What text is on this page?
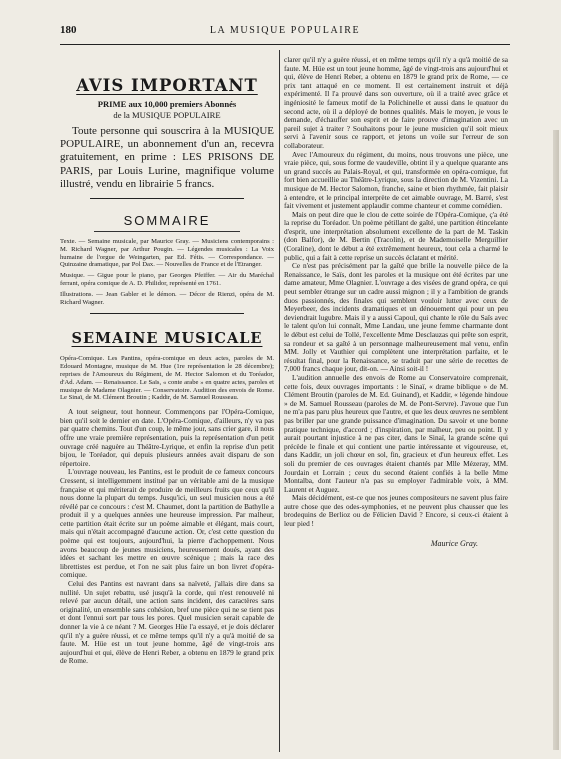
180	LA MUSIQUE POPULAIRE
AVIS IMPORTANT
PRIME aux 10,000 premiers Abonnés
de la MUSIQUE POPULAIRE
Toute personne qui souscrira à la MUSIQUE POPULAIRE, un abonnement d'un an, recevra gratuitement, en prime : LES PRISONS DE PARIS, par Louis Lurine, magnifique volume illustré, vendu en librairie 5 francs.
SOMMAIRE
Texte. — Semaine musicale, par Maurice Gray. — Musiciens contemporains : M. Richard Wagner, par Arthur Pougin. — Légendes musicales : La Voix humaine de l'orgue de Weingarten, par Ed. Fétis. — Correspondance. — Quinzaine dramatique, par Pol Dax. — Nouvelles de France et de l'Etranger.
Musique. — Gigue pour le piano, par Georges Pfeiffer. — Air du Maréchal ferrant, opéra comique de A. D. Philidor, représenté en 1761.
Illustrations. — Jean Gabler et le démon. — Décor de Rienzi, opéra de M. Richard Wagner.
SEMAINE MUSICALE
Opéra-Comique. Les Pantins, opéra-comique en deux actes, paroles de M. Edouard Montagne, musique de M. Hue (1re représentation le 28 décembre); reprises de l'Amoureux du Régiment, de M. Hector Salomon et du Toréador, d'Ad. Adam. — Renaissance. Le Saïs, « conte arabe » en quatre actes, paroles et musique de Madame Olagnier. — Conservatoire. Audition des envois de Rome. Le Sinaï, de M. Clément Broutin ; Kaddir, de M. Samuel Rousseau.

A tout seigneur, tout honneur. Commençons par l'Opéra-Comique, bien qu'il soit le dernier en date. L'Opéra-Comique, d'ailleurs, n'y va pas par quatre chemins. Tout d'un coup, le même jour, sans crier gare, il nous offre une vraie première représentation, puis la représentation d'un petit ouvrage créé naguère au Théâtre-Lyrique, et enfin la reprise d'un petit bijou, le Toréador, qui depuis plusieurs années avait disparu de son répertoire.

L'ouvrage nouveau, les Pantins, est le produit de ce fameux concours Cressent, si intelligemment institué par un véritable ami de la musique française et qui mériterait de produire de meilleurs fruits que ceux qu'il nous donne la plupart du temps. Jusqu'ici, un seul musicien nous a été révélé par ce concours : c'est M. Chaumet, dont la partition de Bathylle a produit il y a quelques années une heureuse impression. Par malheur, cette partition était écrite sur un poème aimable et élégant, mais court, mais qui n'était accompagné d'aucune action. Or, c'est cette question du poème qui est toujours, aujourd'hui, la pierre d'achoppement. Nous avons beaucoup de jeunes musiciens, heureusement doués, ayant des idées et sachant les mettre en œuvre scénique ; mais la race des librettistes est perdue, et l'on ne sait plus faire un bon livret d'opéra-comique.

Celui des Pantins est navrant dans sa naïveté, j'allais dire dans sa nullité. Un sujet rebattu, usé jusqu'à la corde, qui n'est renouvelé ni relevé par aucun détail, une action sans incident, des caractères sans originalité, un ensemble sans cohésion, bref une pièce qui ne se tient pas et dont l'ennui sort par tous les pores. Quel musicien serait capable de donner la vie à ce néant ? M. Georges Hüe l'a essayé, et je dois déclarer qu'il n'y a guère réussi, et ce même temps qu'il n'y a qu'à moitié de sa faute. M. Hüe est un tout jeune homme, âgé de vingt-trois ans aujourd'hui et qui, élève de Henri Reber, a obtenu en 1879 le grand prix de Rome.

clarer qu'il n'y a guère réussi, et en même temps qu'il n'y a qu'à moitié de sa faute. M. Hüe est un tout jeune homme, âgé de vingt-trois ans aujourd'hui et qui, élève de Henri Reber, a obtenu en 1879 le grand prix de Rome, — ce prix tant attaqué en ce moment. Il est certainement instruit et déjà expérimenté. Il l'a prouvé dans son ouverture, où il a traité avec grâce et ingéniosité le fameux motif de la Polichinelle et aussi dans le quatuor du second acte, où il a déployé de bonnes qualités. Mais le moyen, je vous le demande, d'échauffer son esprit et de faire prouve d'imagination avec un pareil sujet à traiter ? Souhaitons pour le jeune musicien qu'il soit mieux servi à l'avenir sous ce rapport, et jetons un voile sur l'erreur de son collaborateur.

Avec l'Amoureux du régiment, du moins, nous trouvons une pièce, une vraie pièce, qui, sous forme de vaudeville, obtint il y a quelque quarante ans un grand succès au Palais-Royal, et qui, transformée en opéra-comique, fut fort bien accueillie au Théâtre-Lyrique, sous la direction de M. Vizentini. La musique de M. Hector Salomon, franche, saine et bien rhythmée, fait plaisir à entendre, et le principal interprète de cet aimable ouvrage, M. Barré, s'est fait vivement et justement applaudir comme chanteur et comme comédien.

Mais on peut dire que le clou de cette soirée de l'Opéra-Comique, ç'a été la reprise du Toréador. Un poème pétillant de gaîté, une partition étincelante d'esprit, une interprétation absolument excellente de la part de M. Taskin (don Balfor), de M. Bertin (Tracolin), et de Mademoiselle Merguillier (Coraline), dont le début a été extrêmement heureux, tout cela a charmé le public, qui a fait à cette reprise un succès éclatant et mérité.

Ce n'est pas précisément par la gaîté que brille la nouvelle pièce de la Renaissance, le Saïs, dont les paroles et la musique ont été écrites par une dame amateur, Mme Olagnier. L'ouvrage a des visées de grand opéra, ce qui peut sembler étrange sur un cadre aussi mignon ; il y a l'ambition de grands duos passionnés, des finales qui semblent vouloir lutter avec ceux de Meyerbeer, des incidents dramatiques et un dénouement qui pour un peu deviendrait lugubre. Mais il y a aussi Capoul, qui chante le rôle du Saïs avec le talent qu'on lui connaît, Mme Landau, une jeune femme charmante dont le début est celui de Tollé, l'excellente Mme Desclauzas qui prête son esprit, sa rondeur et sa gaîté à un personnage malheureusement mal venu, enfin MM. Jolly et Vauthier qui complètent une interprétation parfaite, et le résultat final, pour la Renaissance, se traduit par une série de recettes de 7,000 francs chaque jour, dit-on. — Ainsi soit-il !

L'audition annuelle des envois de Rome au Conservatoire comprenait, cette fois, deux ouvrages importants : le Sinaï, « drame biblique » de M. Clément Broutin (paroles de M. Ed. Guinand), et Kaddir, « légende hindoue » de M. Samuel Rousseau (paroles de M. de Pont-Servre). J'avoue que l'un ne m'a pas paru plus heureux que l'autre, et que les deux œuvres ne semblent pas briller par une grande puissance d'imagination. Du savoir et une bonne pratique technique, d'accord ; d'inspiration, par malheur, peu ou point. Il y aurait pourtant injustice à ne pas citer, dans le Sinaï, la grande scène qui précède le finale et qui contient une partie intéressante et vigoureuse, et, dans Kaddir, un joli chœur en sol, fin, gracieux et d'un heureux effet. Les soli du premier de ces ouvrages étaient chantés par Mlle Mézeray, MM. Jourdain et Lorrain ; ceux du second étaient confiés à la belle Mme Montalba, dont l'auteur n'a pas su employer l'admirable voix, à MM. Laurent et Auguez.

Mais décidément, est-ce que nos jeunes compositeurs ne savent plus faire autre chose que des odes-symphonies, et ne peuvent plus chausser que les brodequins de Berlioz ou de Félicien David ? Encore, si ceux-ci étaient à leur pied !

Maurice Gray.
